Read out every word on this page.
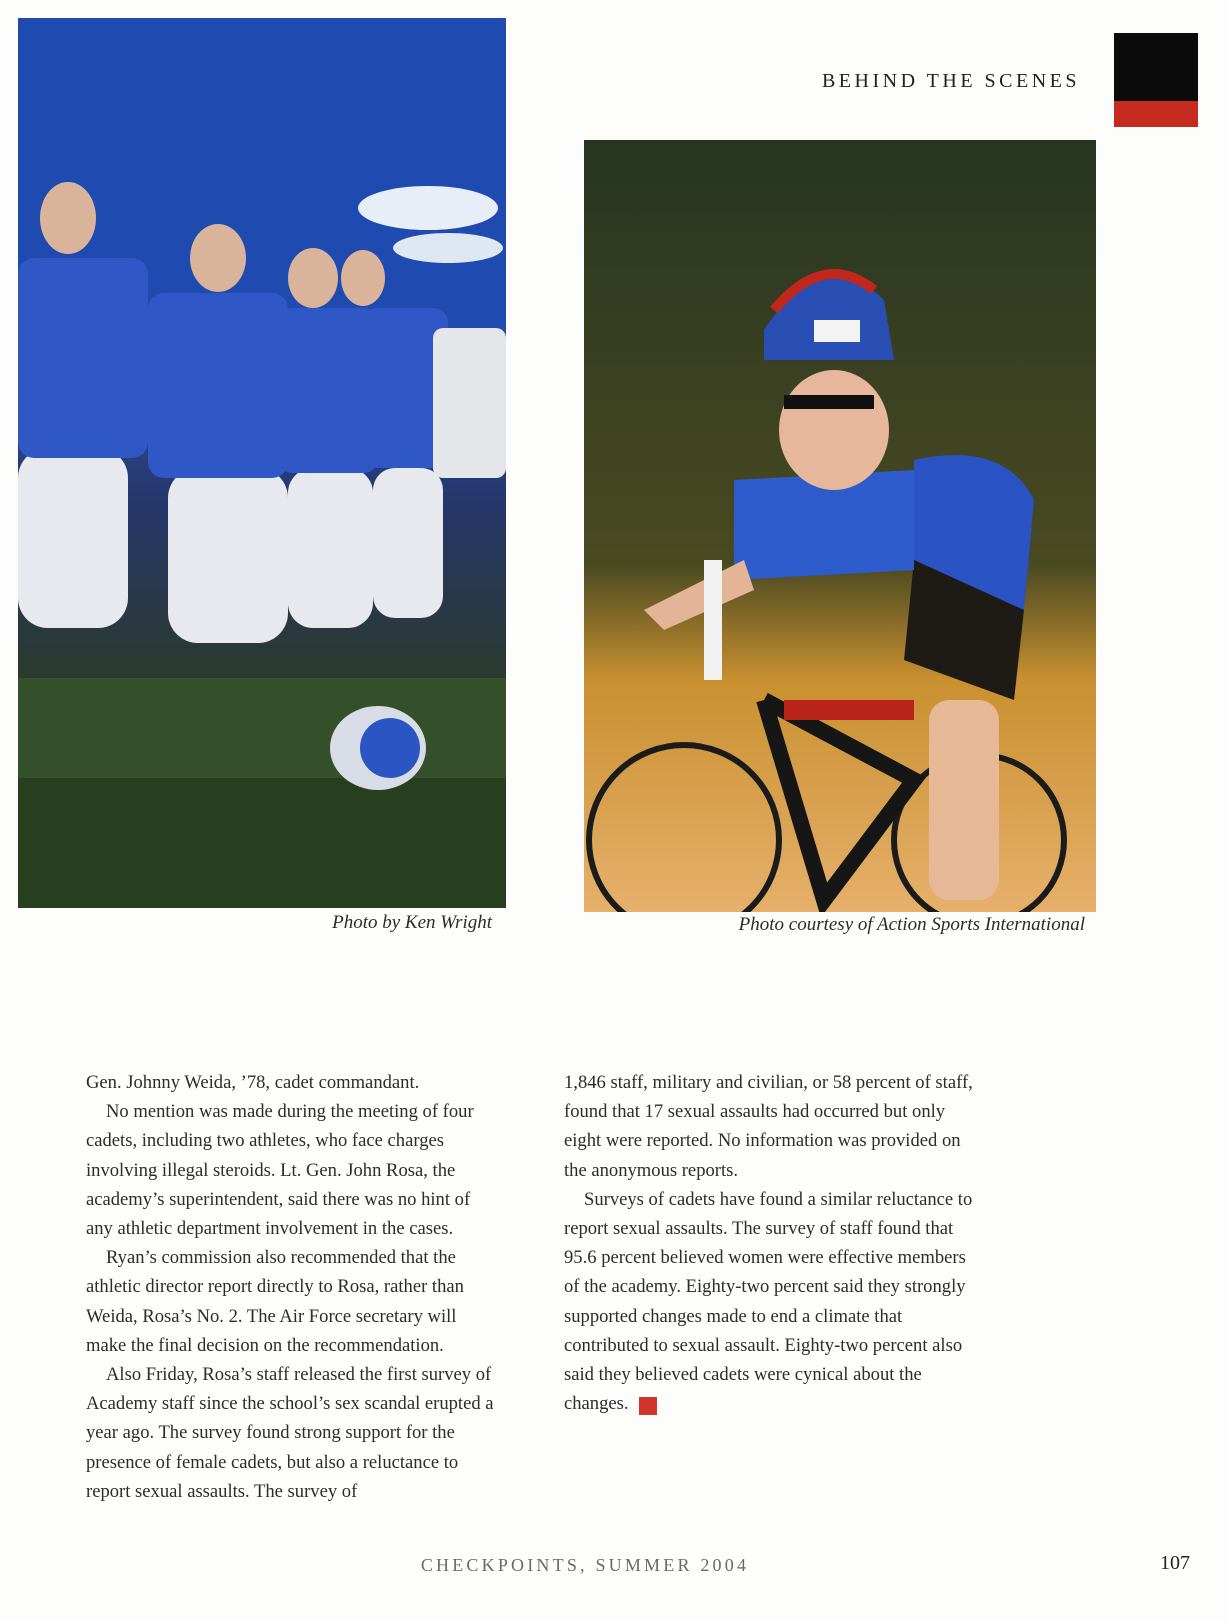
Photo by Ken Wright
BEHIND THE SCENES
Photo courtesy of Action Sports International

Gen. Johnny Weida, ’78, cadet commandant.

No mention was made during the meeting of four cadets, including two athletes, who face charges involving illegal steroids. Lt. Gen. John Rosa, the academy’s superintendent, said there was no hint of any athletic department involvement in the cases.

Ryan’s commission also recommended that the athletic director report directly to Rosa, rather than Weida, Rosa’s No. 2. The Air Force secretary will make the final decision on the recommendation.

Also Friday, Rosa’s staff released the first survey of Academy staff since the school’s sex scandal erupted a year ago. The survey found strong support for the presence of female cadets, but also a reluctance to report sexual assaults. The survey of

1,846 staff, military and civilian, or 58 percent of staff, found that 17 sexual assaults had occurred but only eight were reported. No information was provided on the anonymous reports.

Surveys of cadets have found a similar reluctance to report sexual assaults. The survey of staff found that 95.6 percent believed women were effective members of the academy. Eighty-two percent said they strongly supported changes made to end a climate that contributed to sexual assault. Eighty-two percent also said they believed cadets were cynical about the changes. ✓

CHECKPOINTS, SUMMER 2004	107
